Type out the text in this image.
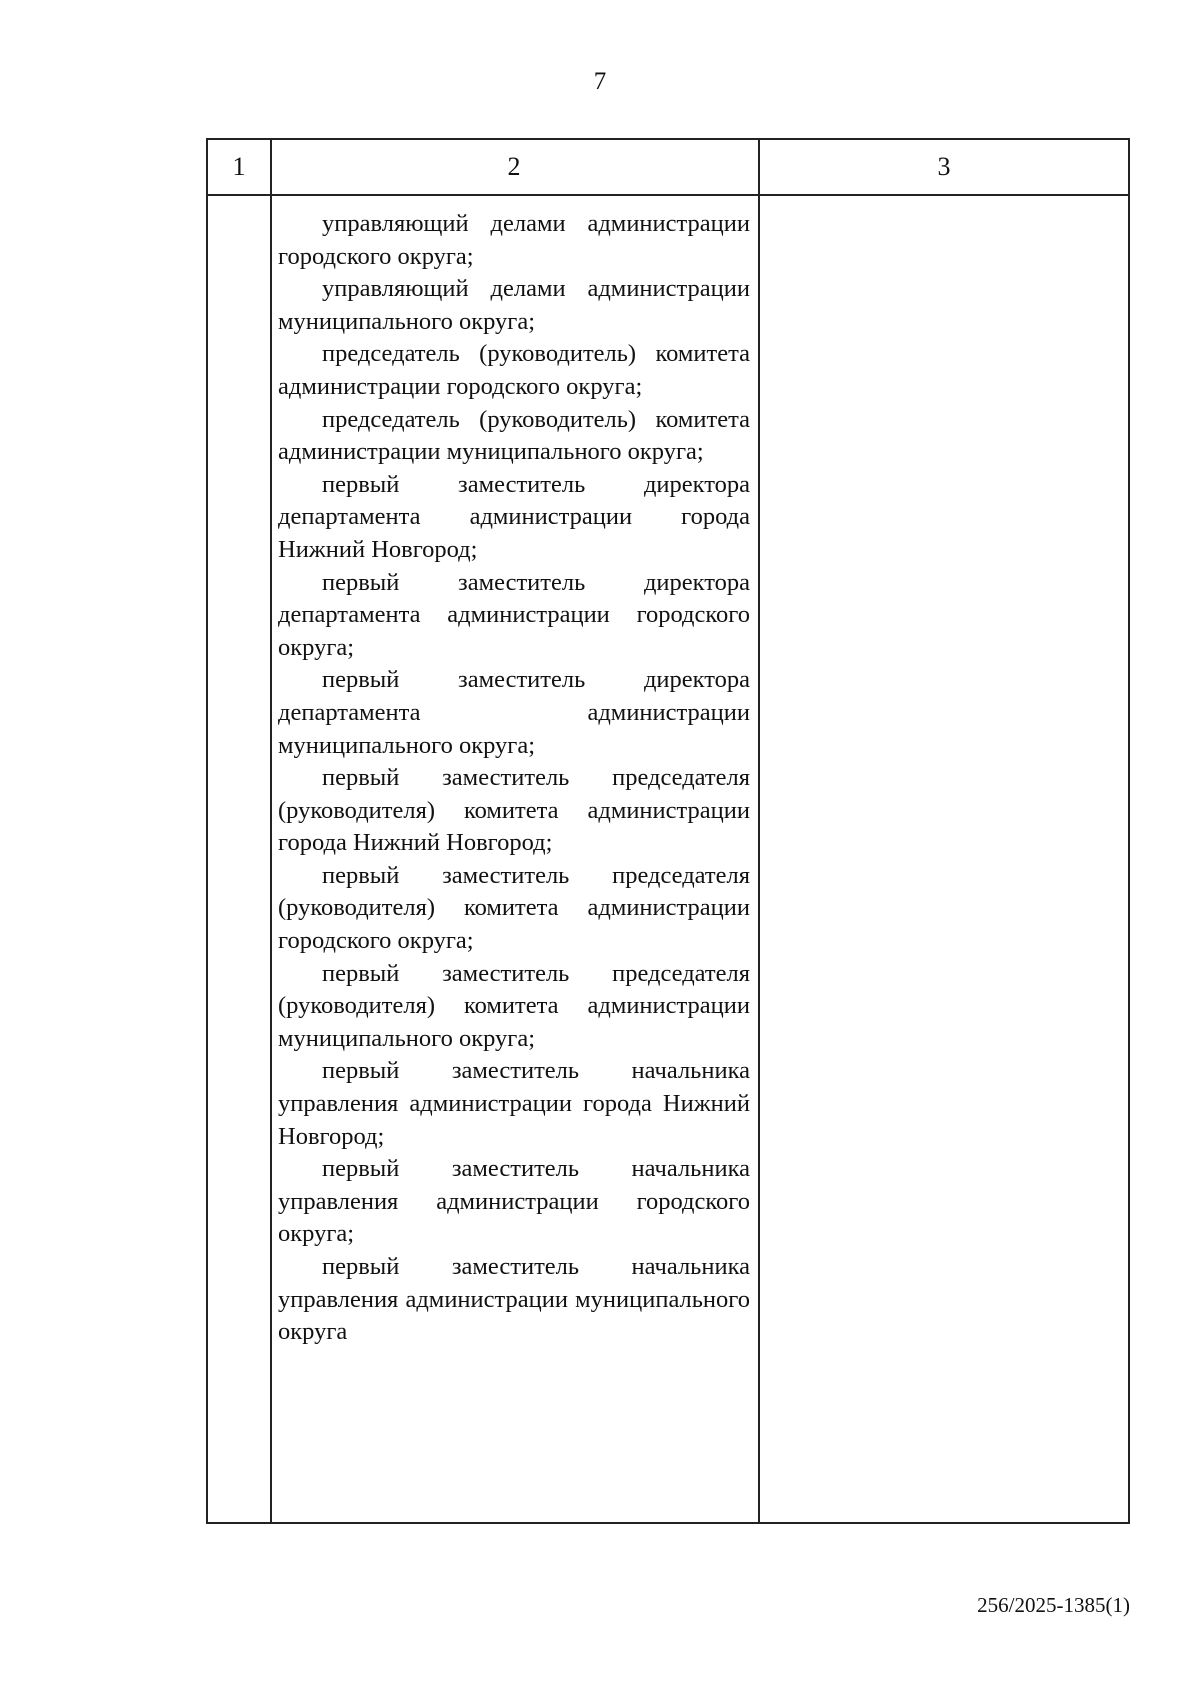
7
1	2	3

управляющий делами администрации городского округа;

управляющий делами администрации муниципального округа;

председатель (руководитель) комитета администрации городского округа;

председатель (руководитель) комитета администрации муниципального округа;

первый заместитель директора департамента администрации города Нижний Новгород;

первый заместитель директора департамента администрации городского округа;

первый заместитель директора департамента администрации муниципального округа;

первый заместитель председателя (руководителя) комитета администрации города Нижний Новгород;

первый заместитель председателя (руководителя) комитета администрации городского округа;

первый заместитель председателя (руководителя) комитета администрации муниципального округа;

первый заместитель начальника управления администрации города Нижний Новгород;

первый заместитель начальника управления администрации городского округа;

первый заместитель начальника управления администрации муниципального округа

256/2025-1385(1)
